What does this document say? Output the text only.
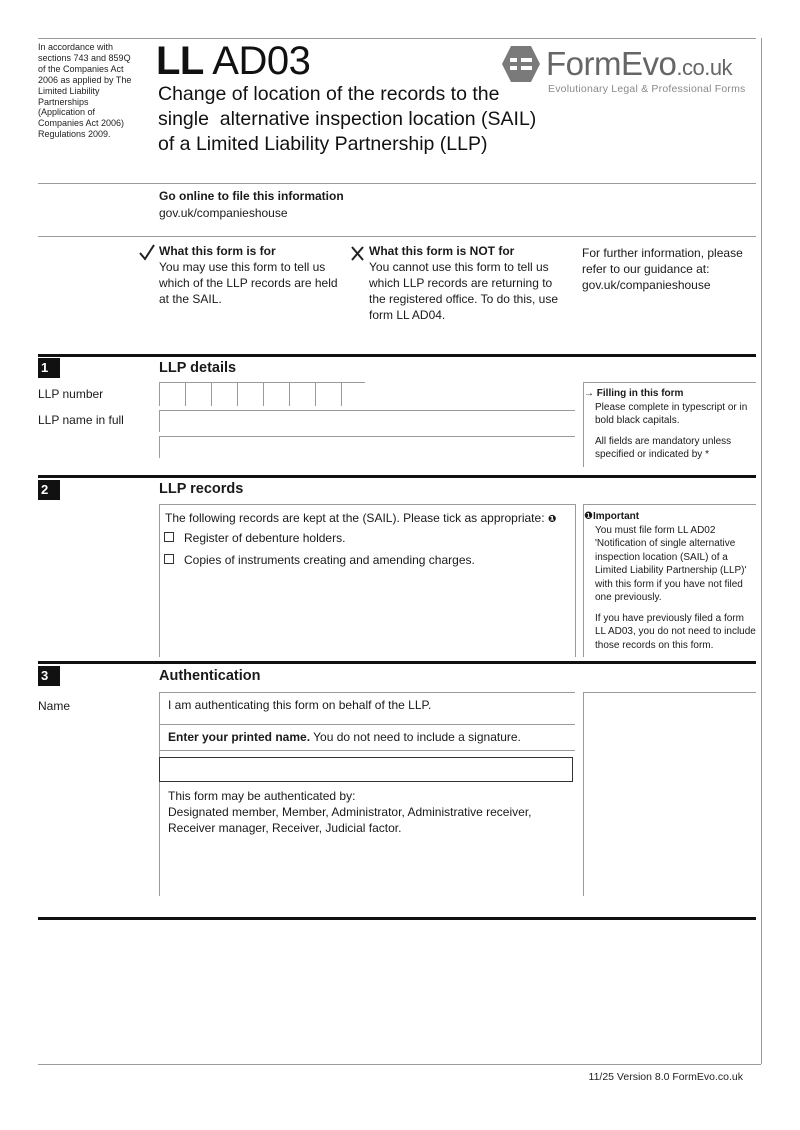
In accordance with sections 743 and 859Q of the Companies Act 2006 as applied by The Limited Liability Partnerships (Application of Companies Act 2006) Regulations 2009.
LL AD03
Change of location of the records to the
single  alternative inspection location (SAIL)
of a Limited Liability Partnership (LLP)
FormEvo.co.uk
Evolutionary Legal & Professional Forms
Go online to file this information
gov.uk/companieshouse
What this form is for
You may use this form to tell us which of the LLP records are held at the SAIL.
What this form is NOT for
You cannot use this form to tell us which LLP records are returning to the registered office. To do this, use form LL AD04.
For further information, please refer to our guidance at: gov.uk/companieshouse
1	LLP details
LLP number
LLP name in full
→ Filling in this form

Please complete in typescript or in bold black capitals.

All fields are mandatory unless specified or indicated by *

2	LLP records
The following records are kept at the (SAIL). Please tick as appropriate: ❶
Register of debenture holders.
Copies of instruments creating and amending charges.
❶Important

You must file form LL AD02 'Notification of single alternative inspection location (SAIL) of a Limited Liability Partnership (LLP)' with this form if you have not filed one previously.

If you have previously filed a form LL AD03, you do not need to include those records on this form.

3	Authentication
Name	I am authenticating this form on behalf of the LLP.
Enter your printed name. You do not need to include a signature.
This form may be authenticated by:
Designated member, Member, Administrator, Administrative receiver,
Receiver manager, Receiver, Judicial factor.
11/25 Version 8.0 FormEvo.co.uk
